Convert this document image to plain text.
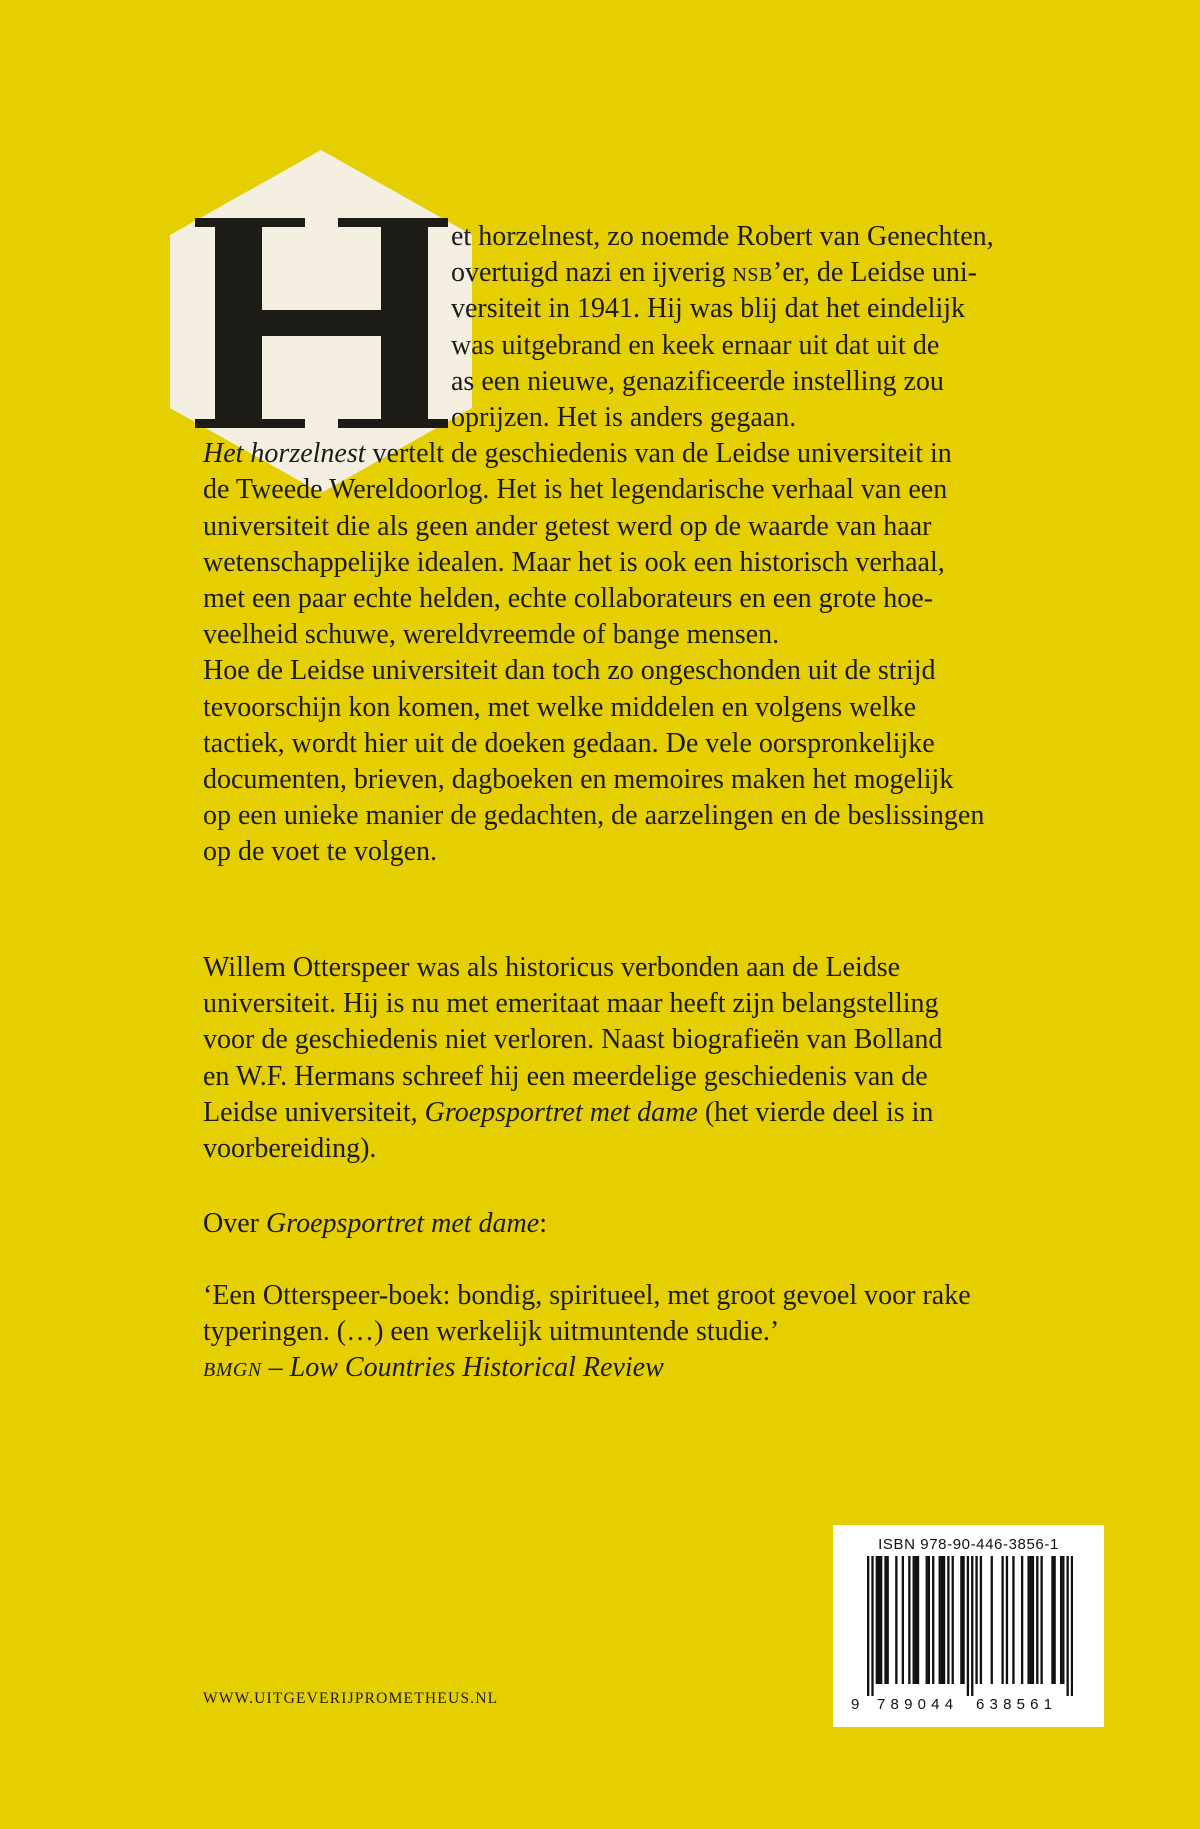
H
et horzelnest, zo noemde Robert van Genechten,
overtuigd nazi en ijverig nsb’er, de Leidse uni-
versiteit in 1941. Hij was blij dat het eindelijk
was uitgebrand en keek ernaar uit dat uit de
as een nieuwe, genazificeerde instelling zou
oprijzen. Het is anders gegaan.
Het horzelnest vertelt de geschiedenis van de Leidse universiteit in
de Tweede Wereldoorlog. Het is het legendarische verhaal van een
universiteit die als geen ander getest werd op de waarde van haar
wetenschappelijke idealen. Maar het is ook een historisch verhaal,
met een paar echte helden, echte collaborateurs en een grote hoe-
veelheid schuwe, wereldvreemde of bange mensen.
Hoe de Leidse universiteit dan toch zo ongeschonden uit de strijd
tevoorschijn kon komen, met welke middelen en volgens welke
tactiek, wordt hier uit de doeken gedaan. De vele oorspronkelijke
documenten, brieven, dagboeken en memoires maken het mogelijk
op een unieke manier de gedachten, de aarzelingen en de beslissingen
op de voet te volgen.
Willem Otterspeer was als historicus verbonden aan de Leidse
universiteit. Hij is nu met emeritaat maar heeft zijn belangstelling
voor de geschiedenis niet verloren. Naast biografieën van Bolland
en W.F. Hermans schreef hij een meerdelige geschiedenis van de
Leidse universiteit, Groepsportret met dame (het vierde deel is in
voorbereiding).
Over Groepsportret met dame:
‘Een Otterspeer-boek: bondig, spiritueel, met groot gevoel voor rake
typeringen. (…) een werkelijk uitmuntende studie.’
bmgn – Low Countries Historical Review
WWW.UITGEVERIJPROMETHEUS.NL
ISBN 978-90-446-3856-1
9 789044 638561
